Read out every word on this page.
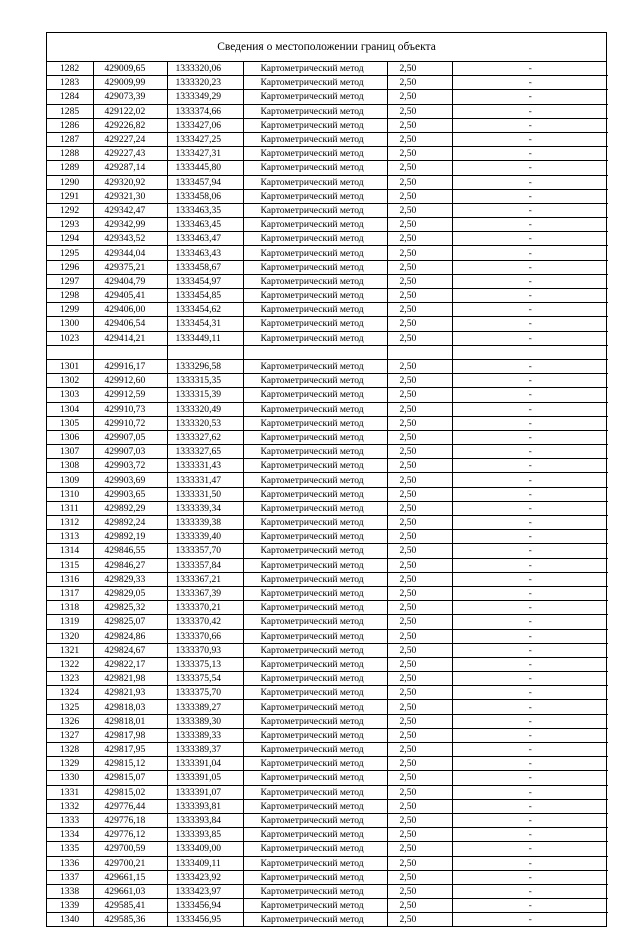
Сведения о местоположении границ объекта
1282	429009,65	1333320,06	Картометрический метод	2,50	-
1283	429009,99	1333320,23	Картометрический метод	2,50	-
1284	429073,39	1333349,29	Картометрический метод	2,50	-
1285	429122,02	1333374,66	Картометрический метод	2,50	-
1286	429226,82	1333427,06	Картометрический метод	2,50	-
1287	429227,24	1333427,25	Картометрический метод	2,50	-
1288	429227,43	1333427,31	Картометрический метод	2,50	-
1289	429287,14	1333445,80	Картометрический метод	2,50	-
1290	429320,92	1333457,94	Картометрический метод	2,50	-
1291	429321,30	1333458,06	Картометрический метод	2,50	-
1292	429342,47	1333463,35	Картометрический метод	2,50	-
1293	429342,99	1333463,45	Картометрический метод	2,50	-
1294	429343,52	1333463,47	Картометрический метод	2,50	-
1295	429344,04	1333463,43	Картометрический метод	2,50	-
1296	429375,21	1333458,67	Картометрический метод	2,50	-
1297	429404,79	1333454,97	Картометрический метод	2,50	-
1298	429405,41	1333454,85	Картометрический метод	2,50	-
1299	429406,00	1333454,62	Картометрический метод	2,50	-
1300	429406,54	1333454,31	Картометрический метод	2,50	-
1023	429414,21	1333449,11	Картометрический метод	2,50	-

1301	429916,17	1333296,58	Картометрический метод	2,50	-
1302	429912,60	1333315,35	Картометрический метод	2,50	-
1303	429912,59	1333315,39	Картометрический метод	2,50	-
1304	429910,73	1333320,49	Картометрический метод	2,50	-
1305	429910,72	1333320,53	Картометрический метод	2,50	-
1306	429907,05	1333327,62	Картометрический метод	2,50	-
1307	429907,03	1333327,65	Картометрический метод	2,50	-
1308	429903,72	1333331,43	Картометрический метод	2,50	-
1309	429903,69	1333331,47	Картометрический метод	2,50	-
1310	429903,65	1333331,50	Картометрический метод	2,50	-
1311	429892,29	1333339,34	Картометрический метод	2,50	-
1312	429892,24	1333339,38	Картометрический метод	2,50	-
1313	429892,19	1333339,40	Картометрический метод	2,50	-
1314	429846,55	1333357,70	Картометрический метод	2,50	-
1315	429846,27	1333357,84	Картометрический метод	2,50	-
1316	429829,33	1333367,21	Картометрический метод	2,50	-
1317	429829,05	1333367,39	Картометрический метод	2,50	-
1318	429825,32	1333370,21	Картометрический метод	2,50	-
1319	429825,07	1333370,42	Картометрический метод	2,50	-
1320	429824,86	1333370,66	Картометрический метод	2,50	-
1321	429824,67	1333370,93	Картометрический метод	2,50	-
1322	429822,17	1333375,13	Картометрический метод	2,50	-
1323	429821,98	1333375,54	Картометрический метод	2,50	-
1324	429821,93	1333375,70	Картометрический метод	2,50	-
1325	429818,03	1333389,27	Картометрический метод	2,50	-
1326	429818,01	1333389,30	Картометрический метод	2,50	-
1327	429817,98	1333389,33	Картометрический метод	2,50	-
1328	429817,95	1333389,37	Картометрический метод	2,50	-
1329	429815,12	1333391,04	Картометрический метод	2,50	-
1330	429815,07	1333391,05	Картометрический метод	2,50	-
1331	429815,02	1333391,07	Картометрический метод	2,50	-
1332	429776,44	1333393,81	Картометрический метод	2,50	-
1333	429776,18	1333393,84	Картометрический метод	2,50	-
1334	429776,12	1333393,85	Картометрический метод	2,50	-
1335	429700,59	1333409,00	Картометрический метод	2,50	-
1336	429700,21	1333409,11	Картометрический метод	2,50	-
1337	429661,15	1333423,92	Картометрический метод	2,50	-
1338	429661,03	1333423,97	Картометрический метод	2,50	-
1339	429585,41	1333456,94	Картометрический метод	2,50	-
1340	429585,36	1333456,95	Картометрический метод	2,50	-
